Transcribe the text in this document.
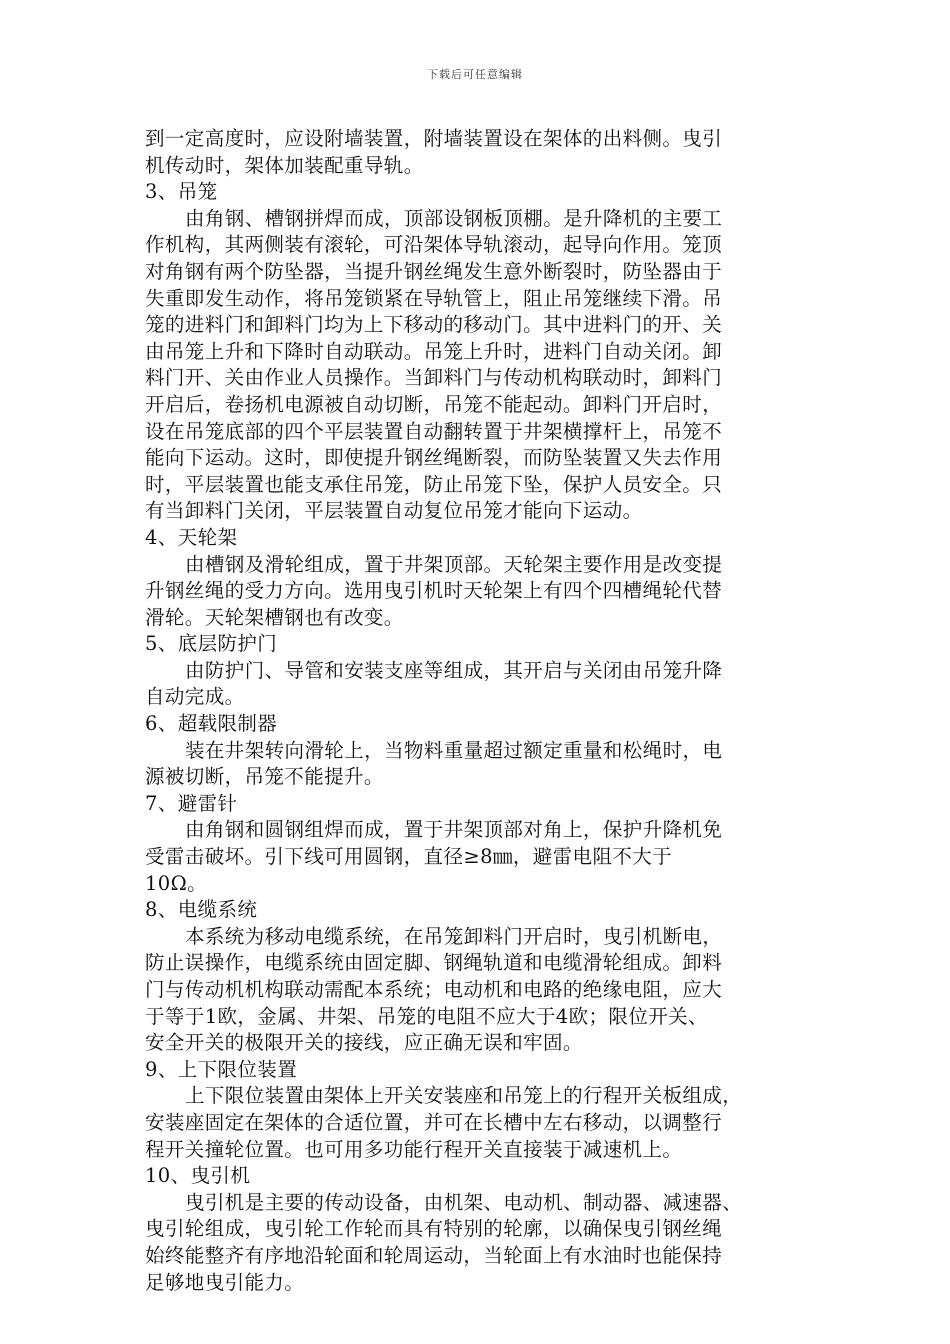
下载后可任意编辑
到一定高度时，应设附墙装置，附墙装置设在架体的出料侧。曳引
机传动时，架体加装配重导轨。
3、吊笼
由角钢、槽钢拼焊而成，顶部设钢板顶棚。是升降机的主要工
作机构，其两侧装有滚轮，可沿架体导轨滚动，起导向作用。笼顶
对角钢有两个防坠器，当提升钢丝绳发生意外断裂时，防坠器由于
失重即发生动作，将吊笼锁紧在导轨管上，阻止吊笼继续下滑。吊
笼的进料门和卸料门均为上下移动的移动门。其中进料门的开、关
由吊笼上升和下降时自动联动。吊笼上升时，进料门自动关闭。卸
料门开、关由作业人员操作。当卸料门与传动机构联动时，卸料门
开启后，卷扬机电源被自动切断，吊笼不能起动。卸料门开启时，
设在吊笼底部的四个平层装置自动翻转置于井架横撑杆上，吊笼不
能向下运动。这时，即使提升钢丝绳断裂，而防坠装置又失去作用
时，平层装置也能支承住吊笼，防止吊笼下坠，保护人员安全。只
有当卸料门关闭，平层装置自动复位吊笼才能向下运动。
4、天轮架
由槽钢及滑轮组成，置于井架顶部。天轮架主要作用是改变提
升钢丝绳的受力方向。选用曳引机时天轮架上有四个四槽绳轮代替
滑轮。天轮架槽钢也有改变。
5、底层防护门
由防护门、导管和安装支座等组成，其开启与关闭由吊笼升降
自动完成。
6、超载限制器
装在井架转向滑轮上，当物料重量超过额定重量和松绳时，电
源被切断，吊笼不能提升。
7、避雷针
由角钢和圆钢组焊而成，置于井架顶部对角上，保护升降机免
受雷击破坏。引下线可用圆钢，直径≥8㎜，避雷电阻不大于
10Ω。
8、电缆系统
本系统为移动电缆系统，在吊笼卸料门开启时，曳引机断电，
防止误操作，电缆系统由固定脚、钢绳轨道和电缆滑轮组成。卸料
门与传动机机构联动需配本系统；电动机和电路的绝缘电阻，应大
于等于1欧，金属、井架、吊笼的电阻不应大于4欧；限位开关、
安全开关的极限开关的接线，应正确无误和牢固。
9、上下限位装置
上下限位装置由架体上开关安装座和吊笼上的行程开关板组成，
安装座固定在架体的合适位置，并可在长槽中左右移动，以调整行
程开关撞轮位置。也可用多功能行程开关直接装于减速机上。
10、曳引机
曳引机是主要的传动设备，由机架、电动机、制动器、减速器、
曳引轮组成，曳引轮工作轮而具有特别的轮廓，以确保曳引钢丝绳
始终能整齐有序地沿轮面和轮周运动，当轮面上有水油时也能保持
足够地曳引能力。
